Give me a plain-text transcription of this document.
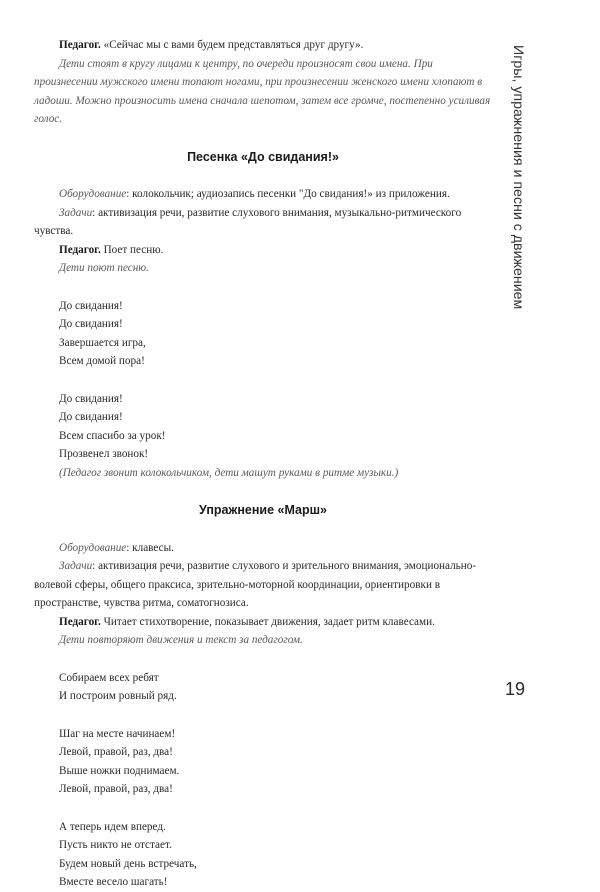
Игры, упражнения и песни с движением

Педагог. «Сейчас мы с вами будем представляться друг другу».

Дети стоят в кругу лицами к центру, по очереди произносят свои имена. При произнесении мужского имени топают ногами, при произнесении женского имени хлопают в ладоши. Можно произносить имена сначала шепотом, затем все громче, постепенно усиливая голос.

Песенка «До свидания!»

Оборудование: колокольчик; аудиозапись песенки "До свидания!» из приложения.

Задачи: активизация речи, развитие слухового внимания, музыкально-ритмического чувства.

Педагог. Поет песню.

Дети поют песню.

До свидания!

До свидания!

Завершается игра,

Всем домой пора!

До свидания!

До свидания!

Всем спасибо за урок!

Прозвенел звонок!

(Педагог звонит колокольчиком, дети машут руками в ритме музыки.)

Упражнение «Марш»

Оборудование: клавесы.

Задачи: активизация речи, развитие слухового и зрительного внимания, эмоционально-волевой сферы, общего праксиса, зрительно-моторной координации, ориентировки в пространстве, чувства ритма, соматогнозиса.

Педагог. Читает стихотворение, показывает движения, задает ритм клавесами.

Дети повторяют движения и текст за педагогом.

Собираем всех ребят

И построим ровный ряд.

Шаг на месте начинаем!

Левой, правой, раз, два!

Выше ножки поднимаем.

Левой, правой, раз, два!

А теперь идем вперед.

Пусть никто не отстает.

Будем новый день встречать,

Вместе весело шагать!

19
